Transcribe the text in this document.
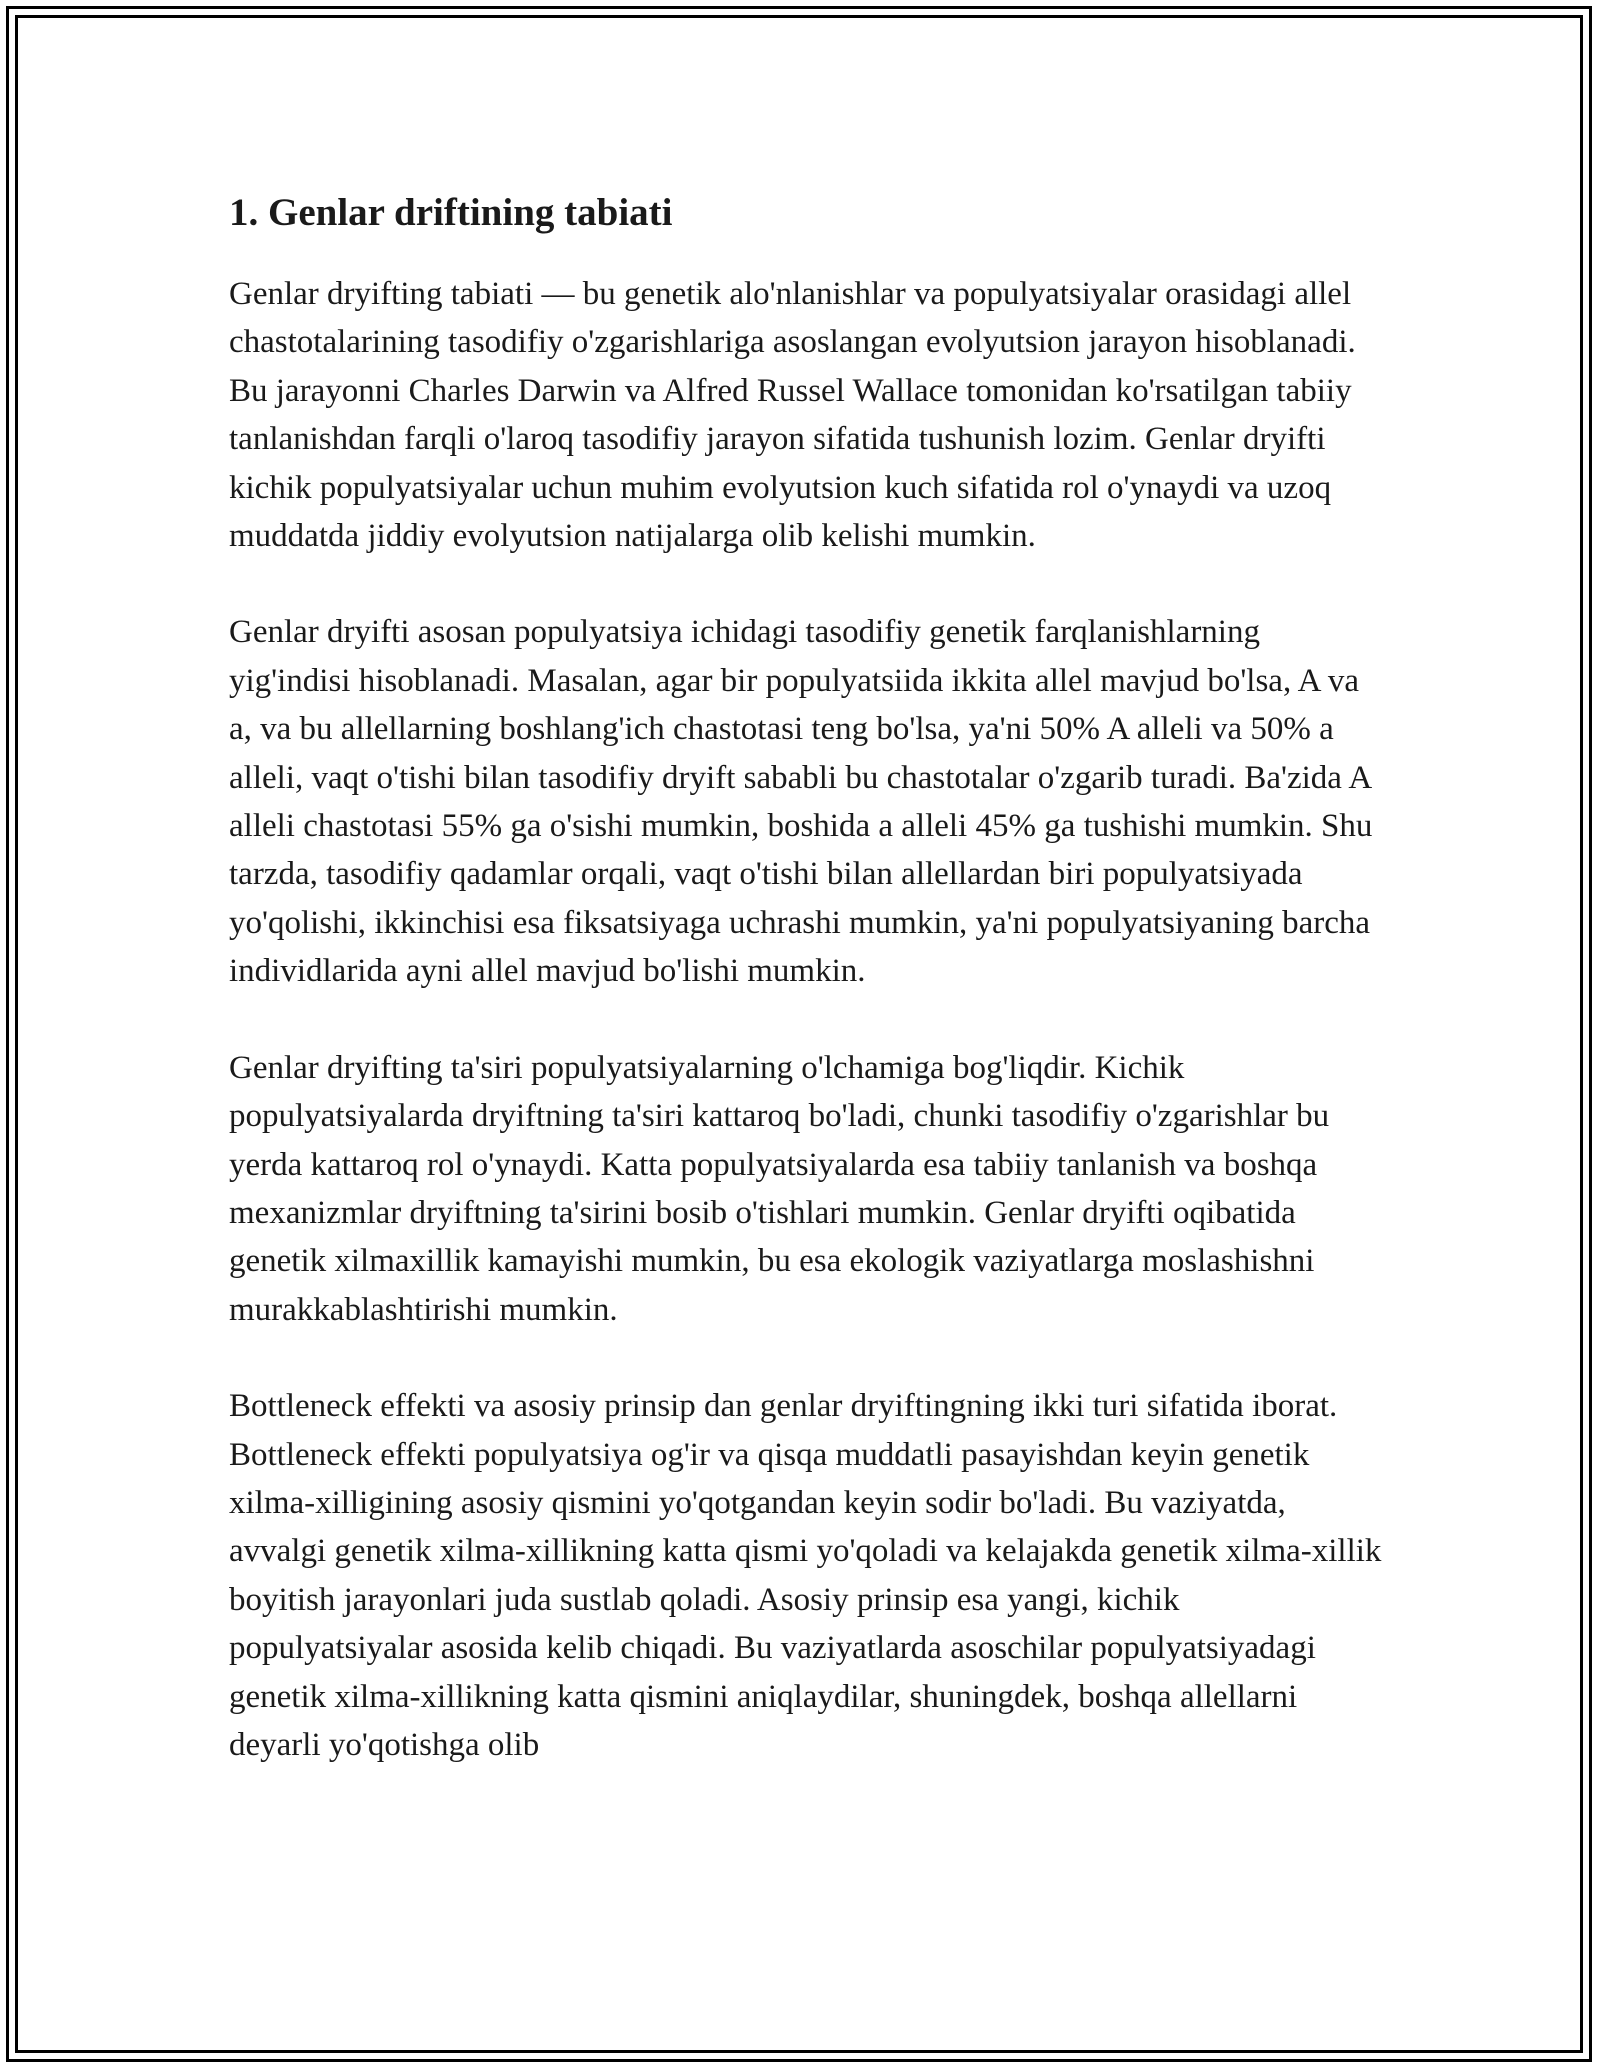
1. Genlar driftining tabiati

Genlar dryifting tabiati — bu genetik alo'nlanishlar va populyatsiyalar orasidagi allel chastotalarining tasodifiy o'zgarishlariga asoslangan evolyutsion jarayon hisoblanadi. Bu jarayonni Charles Darwin va Alfred Russel Wallace tomonidan ko'rsatilgan tabiiy tanlanishdan farqli o'laroq tasodifiy jarayon sifatida tushunish lozim. Genlar dryifti kichik populyatsiyalar uchun muhim evolyutsion kuch sifatida rol o'ynaydi va uzoq muddatda jiddiy evolyutsion natijalarga olib kelishi mumkin.

Genlar dryifti asosan populyatsiya ichidagi tasodifiy genetik farqlanishlarning yig'indisi hisoblanadi. Masalan, agar bir populyatsiida ikkita allel mavjud bo'lsa, A va a, va bu allellarning boshlang'ich chastotasi teng bo'lsa, ya'ni 50% A alleli va 50% a alleli, vaqt o'tishi bilan tasodifiy dryift sababli bu chastotalar o'zgarib turadi. Ba'zida A alleli chastotasi 55% ga o'sishi mumkin, boshida a alleli 45% ga tushishi mumkin. Shu tarzda, tasodifiy qadamlar orqali, vaqt o'tishi bilan allellardan biri populyatsiyada yo'qolishi, ikkinchisi esa fiksatsiyaga uchrashi mumkin, ya'ni populyatsiyaning barcha individlarida ayni allel mavjud bo'lishi mumkin.

Genlar dryifting ta'siri populyatsiyalarning o'lchamiga bog'liqdir. Kichik populyatsiyalarda dryiftning ta'siri kattaroq bo'ladi, chunki tasodifiy o'zgarishlar bu yerda kattaroq rol o'ynaydi. Katta populyatsiyalarda esa tabiiy tanlanish va boshqa mexanizmlar dryiftning ta'sirini bosib o'tishlari mumkin. Genlar dryifti oqibatida genetik xilmaxillik kamayishi mumkin, bu esa ekologik vaziyatlarga moslashishni murakkablashtirishi mumkin.

Bottleneck effekti va asosiy prinsip dan genlar dryiftingning ikki turi sifatida iborat. Bottleneck effekti populyatsiya og'ir va qisqa muddatli pasayishdan keyin genetik xilma-xilligining asosiy qismini yo'qotgandan keyin sodir bo'ladi. Bu vaziyatda, avvalgi genetik xilma-xillikning katta qismi yo'qoladi va kelajakda genetik xilma-xillik boyitish jarayonlari juda sustlab qoladi. Asosiy prinsip esa yangi, kichik populyatsiyalar asosida kelib chiqadi. Bu vaziyatlarda asoschilar populyatsiyadagi genetik xilma-xillikning katta qismini aniqlaydilar, shuningdek, boshqa allellarni deyarli yo'qotishga olib
